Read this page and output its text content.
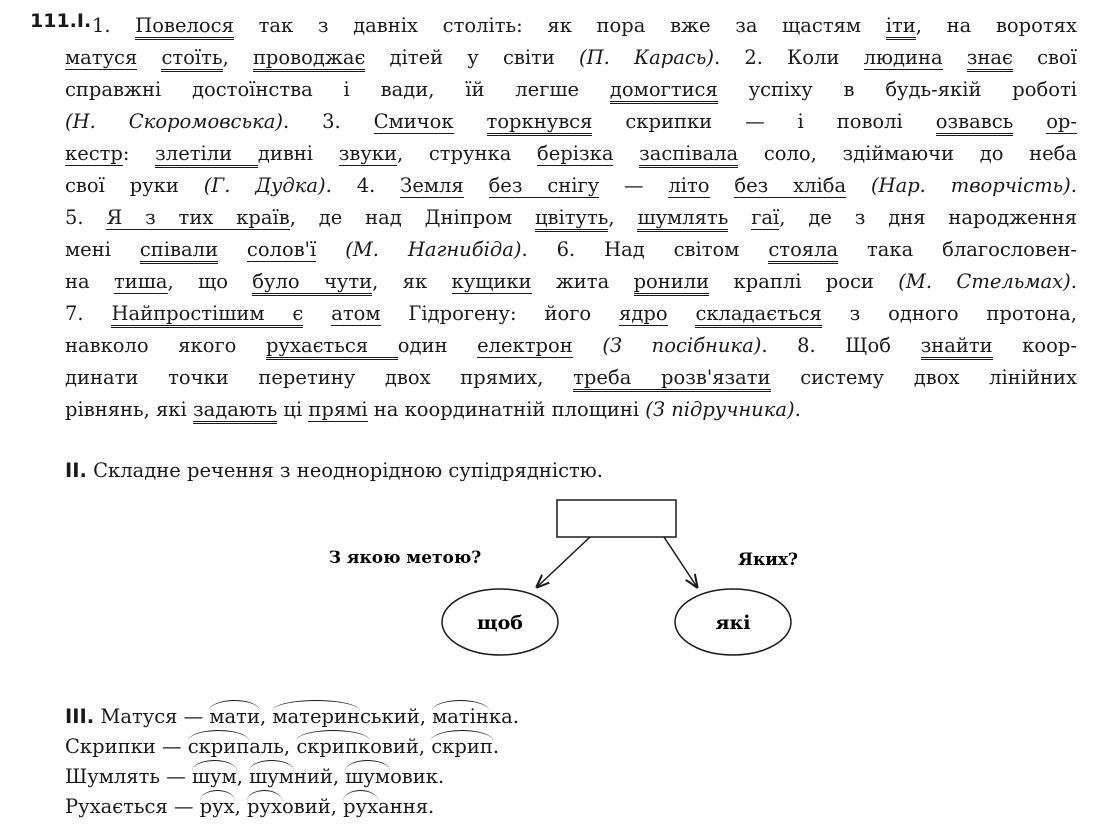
111.I. 1. Повелося так з давніх століть: як пора вже за щастям іти, на воротях
матуся стоїть, проводжає дітей у світи (П. Карась). 2. Коли людина знає свої
справжні достоїнства і вади, їй легше домогтися успіху в будь-якій роботі
(Н. Скоромовська). 3. Смичок торкнувся скрипки — і поволі озвавсь ор-
кестр: злетіли дивні звуки, струнка берізка заспівала соло, здіймаючи до неба
свої руки (Г. Дудка). 4. Земля без снігу — літо без хліба (Нар. творчість).
5. Я з тих країв, де над Дніпром цвітуть, шумлять гаї, де з дня народження
мені співали солов'ї (М. Нагнибіда). 6. Над світом стояла така благословен-
на тиша, що було чути, як кущики жита ронили краплі роси (М. Стельмах).
7. Найпростішим є атом Гідрогену: його ядро складається з одного протона,
навколо якого рухається один електрон (З посібника). 8. Щоб знайти коор-
динати точки перетину двох прямих, треба розв'язати систему двох лінійних
рівнянь, які задають ці прямі на координатній площині (З підручника).
II. Складне речення з неоднорідною супідрядністю.
З якою метою?	Яких?
щоб	які
III. Матуся — мати, материнський, матінка.
Скрипки — скрипаль, скрипковий, скрип.
Шумлять — шум, шумний, шумовик.
Рухається — рух, руховий, рухання.
